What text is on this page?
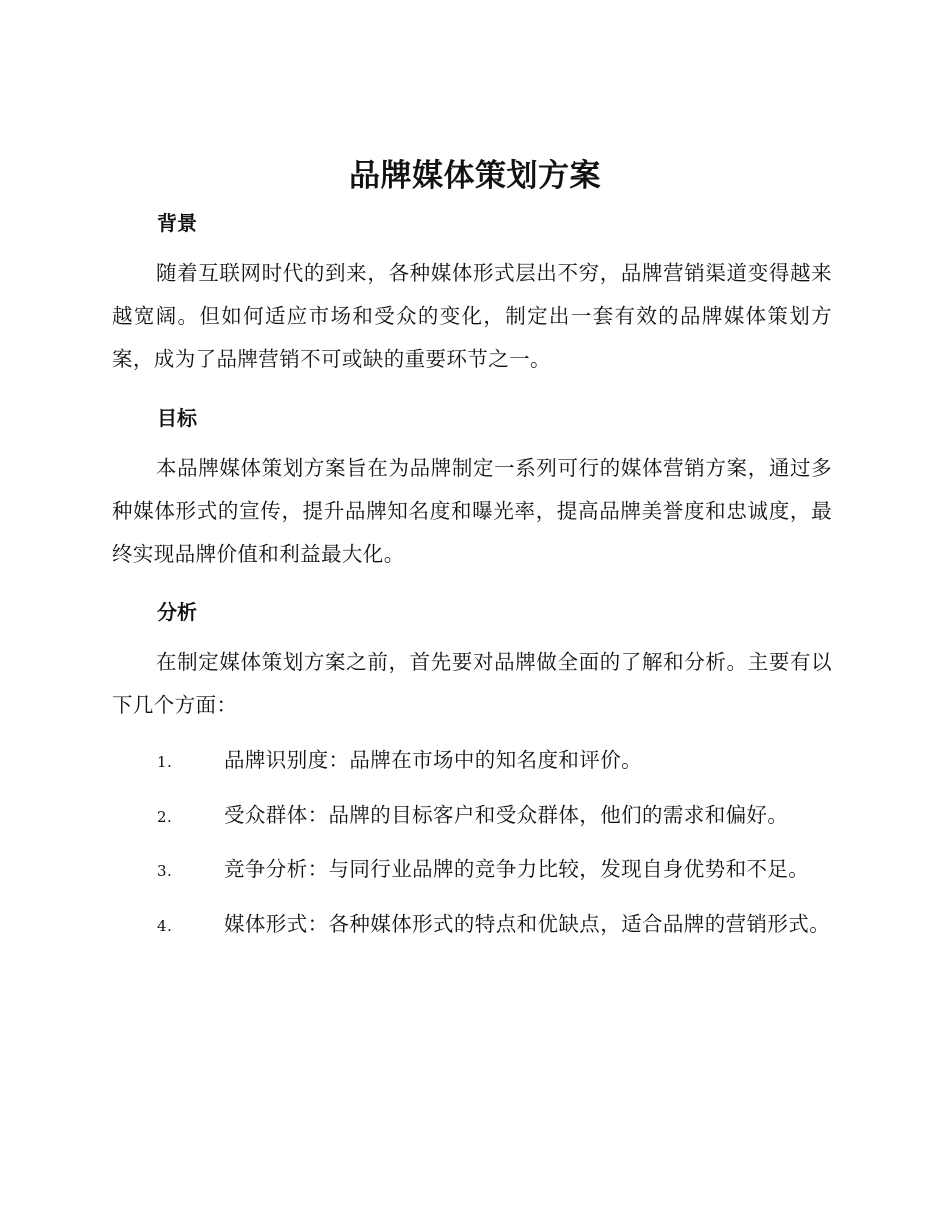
品牌媒体策划方案
背景

随着互联网时代的到来，各种媒体形式层出不穷，品牌营销渠道变得越来越宽阔。但如何适应市场和受众的变化，制定出一套有效的品牌媒体策划方案，成为了品牌营销不可或缺的重要环节之一。

目标

本品牌媒体策划方案旨在为品牌制定一系列可行的媒体营销方案，通过多种媒体形式的宣传，提升品牌知名度和曝光率，提高品牌美誉度和忠诚度，最终实现品牌价值和利益最大化。

分析

在制定媒体策划方案之前，首先要对品牌做全面的了解和分析。主要有以下几个方面：

1.	品牌识别度：品牌在市场中的知名度和评价。

2.	受众群体：品牌的目标客户和受众群体，他们的需求和偏好。

3.	竞争分析：与同行业品牌的竞争力比较，发现自身优势和不足。

4.	媒体形式：各种媒体形式的特点和优缺点，适合品牌的营销形式。
